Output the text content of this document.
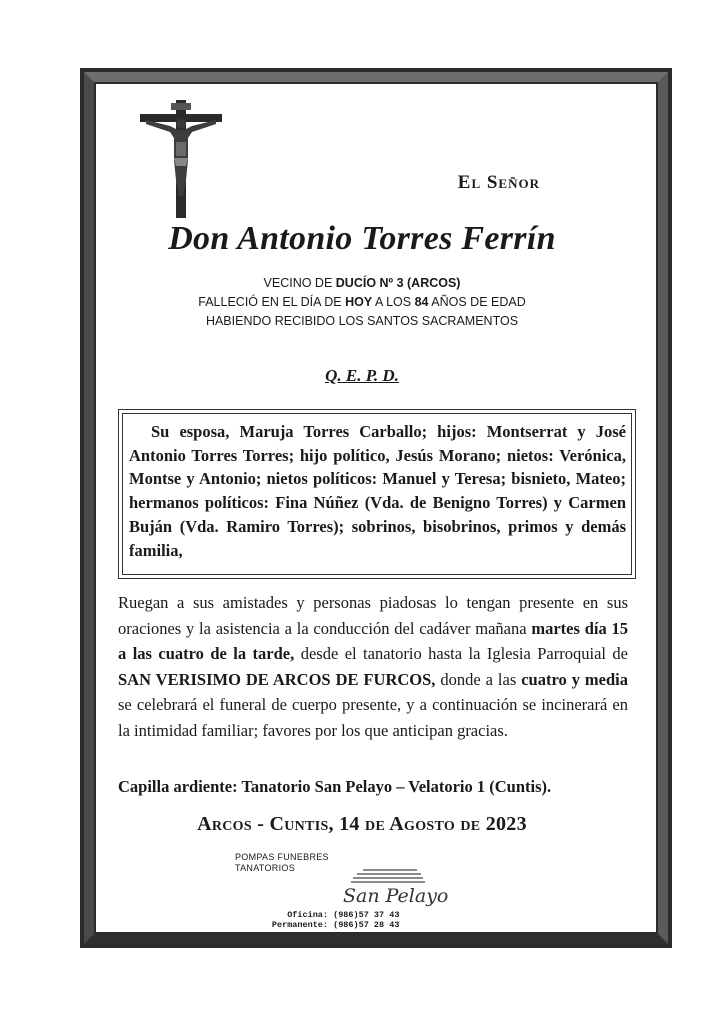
El Señor
Don Antonio Torres Ferrín
VECINO DE DUCÍO Nº 3 (ARCOS)
FALLECIÓ EN EL DÍA DE HOY A LOS 84 AÑOS DE EDAD
HABIENDO RECIBIDO LOS SANTOS SACRAMENTOS
Q. E. P. D.
Su esposa, Maruja Torres Carballo; hijos: Montserrat y José Antonio Torres Torres; hijo político, Jesús Morano; nietos: Verónica, Montse y Antonio; nietos políticos: Manuel y Teresa; bisnieto, Mateo; hermanos políticos: Fina Núñez (Vda. de Benigno Torres) y Carmen Buján (Vda. Ramiro Torres); sobrinos, bisobrinos, primos y demás familia,
Ruegan a sus amistades y personas piadosas lo tengan presente en sus oraciones y la asistencia a la conducción del cadáver mañana martes día 15 a las cuatro de la tarde, desde el tanatorio hasta la Iglesia Parroquial de SAN VERISIMO DE ARCOS DE FURCOS, donde a las cuatro y media se celebrará el funeral de cuerpo presente, y a continuación se incinerará en la intimidad familiar; favores por los que anticipan gracias.
Capilla ardiente: Tanatorio San Pelayo – Velatorio 1 (Cuntis).
Arcos - Cuntis, 14 de Agosto de 2023
POMPAS FUNEBRES
TANATORIOS
San Pelayo
Oficina: (986)57 37 43
Permanente: (986)57 28 43
